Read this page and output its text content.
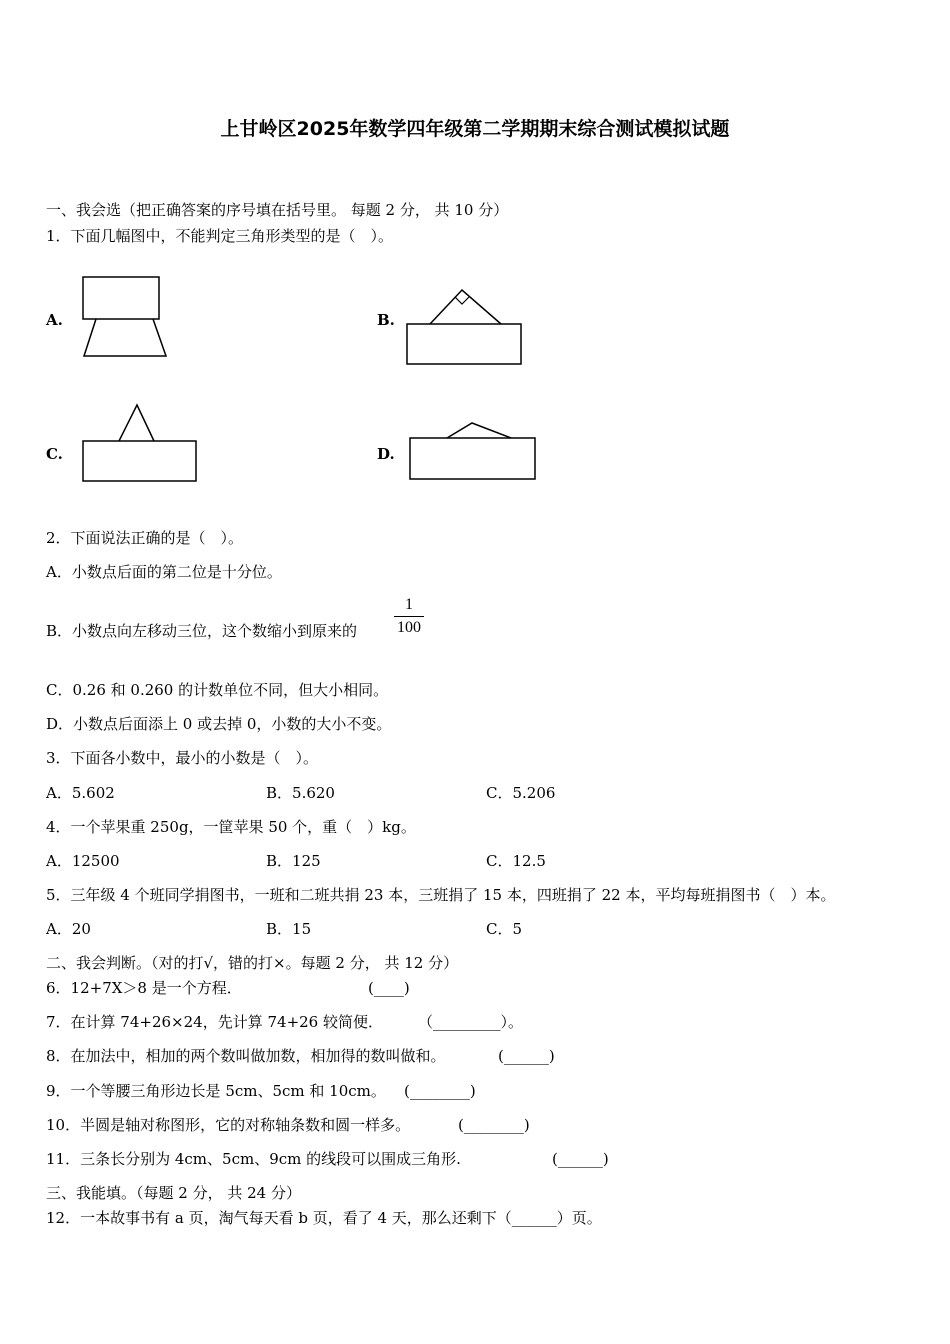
上甘岭区2025年数学四年级第二学期期末综合测试模拟试题
一、我会选（把正确答案的序号填在括号里。 每题 2 分， 共 10 分）
1．下面几幅图中，不能判定三角形类型的是（　）。
A.	B.
C.	D.
2．下面说法正确的是（　）。
A．小数点后面的第二位是十分位。
B．小数点向左移动三位，这个数缩小到原来的
1
100
C．0.26 和 0.260 的计数单位不同，但大小相同。
D．小数点后面添上 0 或去掉 0，小数的大小不变。
3．下面各小数中，最小的小数是（　）。
A．5.602	B．5.620	C．5.206
4．一个苹果重 250g，一筐苹果 50 个，重（　）kg。
A．12500	B．125	C．12.5
5．三年级 4 个班同学捐图书，一班和二班共捐 23 本，三班捐了 15 本，四班捐了 22 本，平均每班捐图书（　）本。
A．20	B．15	C．5
二、我会判断。（对的打√，错的打×。每题 2 分， 共 12 分）
6．12+7X＞8 是一个方程．	(____)
7．在计算 74+26×24，先计算 74+26 较简便． （_________）。
8．在加法中，相加的两个数叫做加数，相加得的数叫做和。	(______)
9．一个等腰三角形边长是 5cm、5cm 和 10cm。 (________)
10．半圆是轴对称图形，它的对称轴条数和圆一样多。	(________)
11．三条长分别为 4cm、5cm、9cm 的线段可以围成三角形.	(______)
三、我能填。（每题 2 分， 共 24 分）
12．一本故事书有 a 页，淘气每天看 b 页，看了 4 天，那么还剩下（______）页。
